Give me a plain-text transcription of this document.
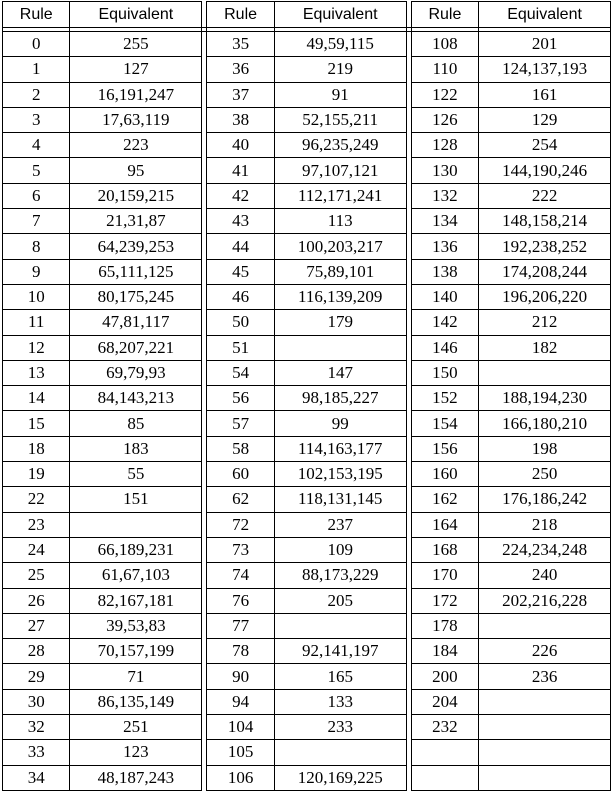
Rule	Equivalent		Rule	Equivalent		Rule	Equivalent

0	255		35	49,59,115		108	201
1	127		36	219		110	124,137,193
2	16,191,247		37	91		122	161
3	17,63,119		38	52,155,211		126	129
4	223		40	96,235,249		128	254
5	95		41	97,107,121		130	144,190,246
6	20,159,215		42	112,171,241		132	222
7	21,31,87		43	113		134	148,158,214
8	64,239,253		44	100,203,217		136	192,238,252
9	65,111,125		45	75,89,101		138	174,208,244
10	80,175,245		46	116,139,209		140	196,206,220
11	47,81,117		50	179		142	212
12	68,207,221		51			146	182
13	69,79,93		54	147		150	
14	84,143,213		56	98,185,227		152	188,194,230
15	85		57	99		154	166,180,210
18	183		58	114,163,177		156	198
19	55		60	102,153,195		160	250
22	151		62	118,131,145		162	176,186,242
23			72	237		164	218
24	66,189,231		73	109		168	224,234,248
25	61,67,103		74	88,173,229		170	240
26	82,167,181		76	205		172	202,216,228
27	39,53,83		77			178	
28	70,157,199		78	92,141,197		184	226
29	71		90	165		200	236
30	86,135,149		94	133		204	
32	251		104	233		232	
33	123		105				
34	48,187,243		106	120,169,225			
